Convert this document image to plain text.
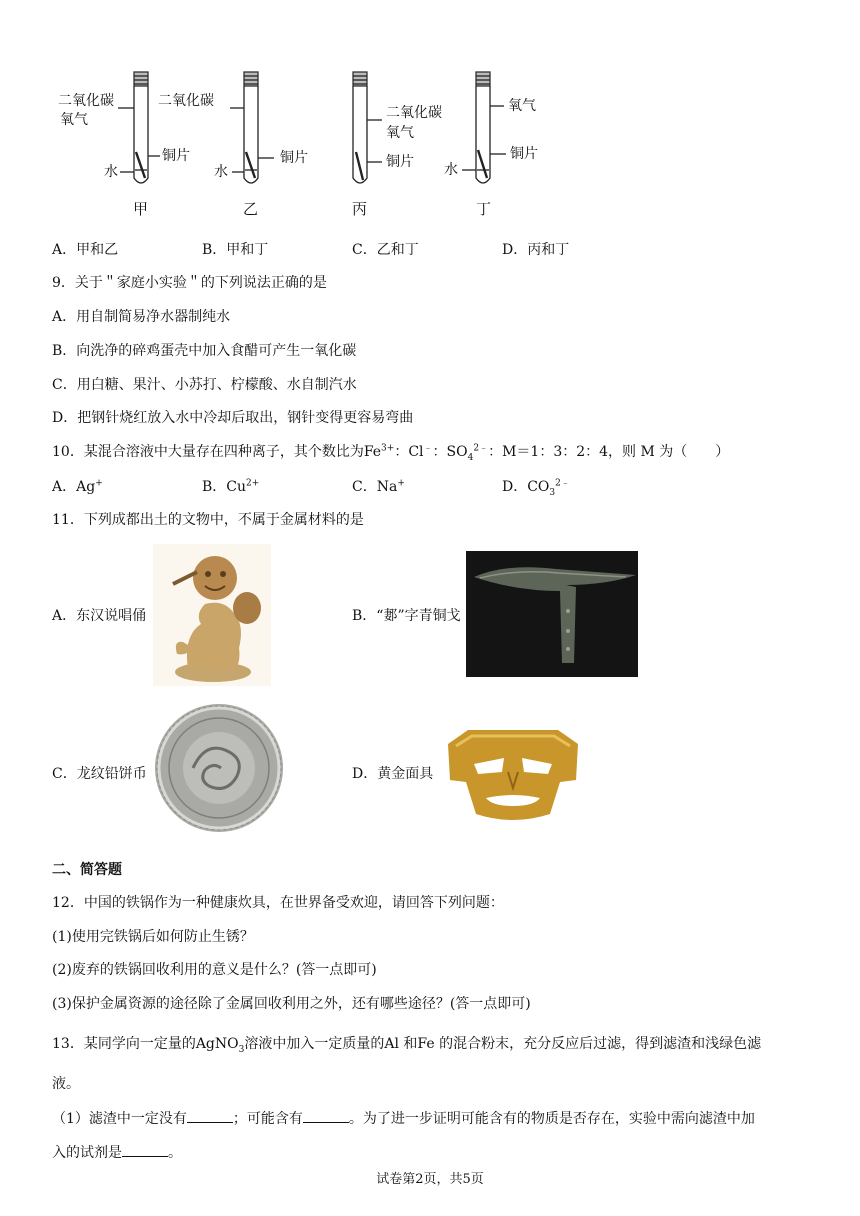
二氧化碳
氧气
铜片
水
甲
二氧化碳
铜片
水
乙
二氧化碳
氧气
铜片
丙
氧气
铜片
水
丁
A．甲和乙	B．甲和丁	C．乙和丁	D．丙和丁
9．关于＂家庭小实验＂的下列说法正确的是
A．用自制简易净水器制纯水
B．向洗净的碎鸡蛋壳中加入食醋可产生一氧化碳
C．用白糖、果汁、小苏打、柠檬酸、水自制汽水
D．把钢针烧红放入水中冷却后取出，钢针变得更容易弯曲
10．某混合溶液中大量存在四种离子，其个数比为$Fe^{3+}$：Cl﹣：$SO_4^{2﹣}$：M＝1：3：2：4，则 M 为（　　）
A．Ag+	B．$Cu^{2+}$	C．Na+	D．$CO_3^{2﹣}$
11．下列成都出土的文物中，不属于金属材料的是
A．东汉说唱俑	B．“郪”字青铜戈
C．龙纹铅饼币	D．黄金面具
二、简答题
12．中国的铁锅作为一种健康炊具，在世界备受欢迎，请回答下列问题：
(1)使用完铁锅后如何防止生锈？
(2)废弃的铁锅回收利用的意义是什么？(答一点即可)
(3)保护金属资源的途径除了金属回收利用之外，还有哪些途径？(答一点即可)
13．某同学向一定量的AgNO$_3$溶液中加入一定质量的Al 和Fe 的混合粉末，充分反应后过滤，得到滤渣和浅绿色滤
液。
（1）滤渣中一定没有	；可能含有	。为了进一步证明可能含有的物质是否存在，实验中需向滤渣中加
入的试剂是	。
试卷第2页，共5页
